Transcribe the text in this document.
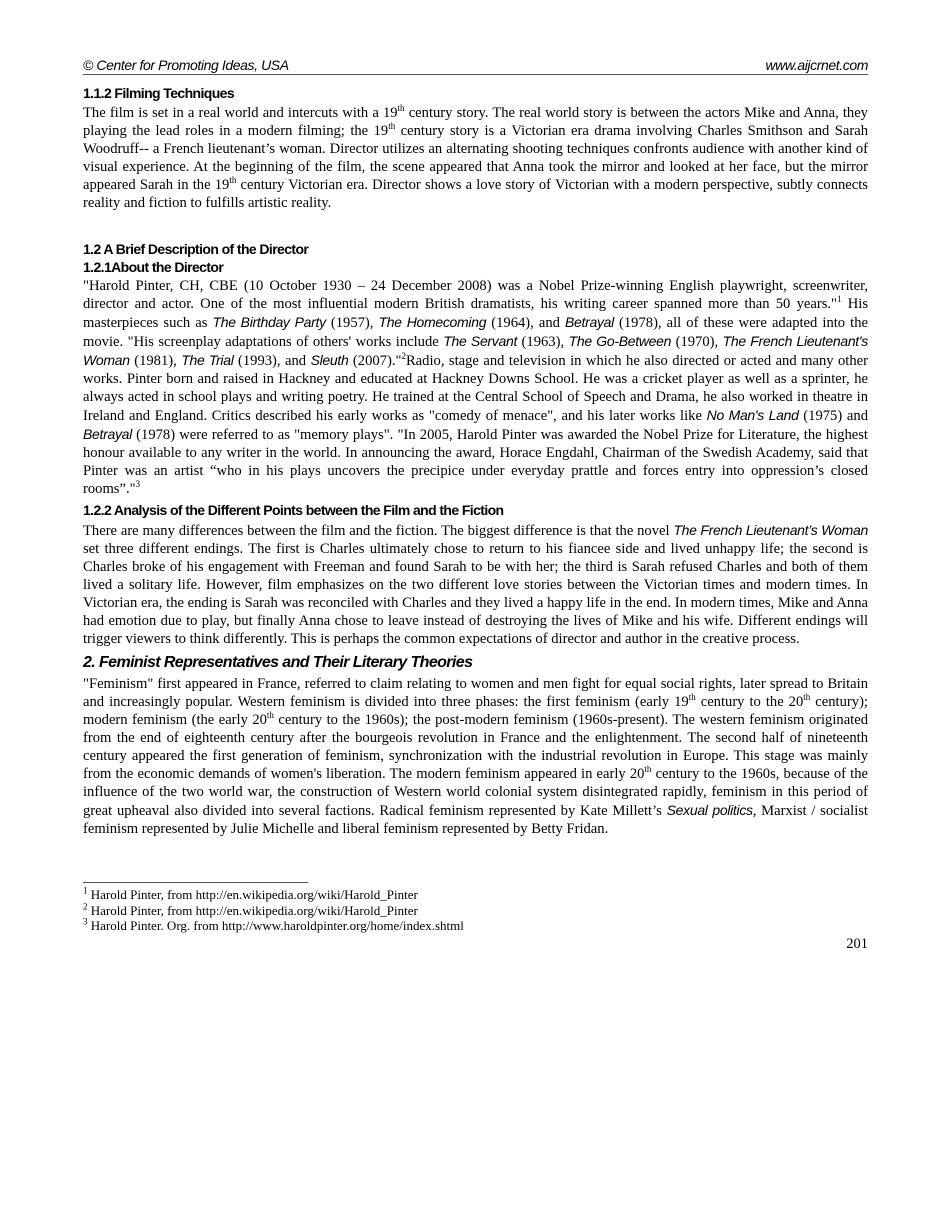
© Center for Promoting Ideas, USA	www.aijcrnet.com
1.1.2 Filming Techniques

The film is set in a real world and intercuts with a 19th century story. The real world story is between the actors Mike and Anna, they playing the lead roles in a modern filming; the 19th century story is a Victorian era drama involving Charles Smithson and Sarah Woodruff-- a French lieutenant’s woman. Director utilizes an alternating shooting techniques confronts audience with another kind of visual experience. At the beginning of the film, the scene appeared that Anna took the mirror and looked at her face, but the mirror appeared Sarah in the 19th century Victorian era. Director shows a love story of Victorian with a modern perspective, subtly connects reality and fiction to fulfills artistic reality.

1.2 A Brief Description of the Director
1.2.1About the Director

"Harold Pinter, CH, CBE (10 October 1930 – 24 December 2008) was a Nobel Prize-winning English playwright, screenwriter, director and actor. One of the most influential modern British dramatists, his writing career spanned more than 50 years."$^1$ His masterpieces such as The Birthday Party (1957), The Homecoming (1964), and Betrayal (1978), all of these were adapted into the movie. "His screenplay adaptations of others' works include The Servant (1963), The Go-Between (1970), The French Lieutenant's Woman (1981), The Trial (1993), and Sleuth (2007)."$^2$Radio, stage and television in which he also directed or acted and many other works. Pinter born and raised in Hackney and educated at Hackney Downs School. He was a cricket player as well as a sprinter, he always acted in school plays and writing poetry. He trained at the Central School of Speech and Drama, he also worked in theatre in Ireland and England. Critics described his early works as "comedy of menace", and his later works like No Man's Land (1975) and Betrayal (1978) were referred to as "memory plays". "In 2005, Harold Pinter was awarded the Nobel Prize for Literature, the highest honour available to any writer in the world. In announcing the award, Horace Engdahl, Chairman of the Swedish Academy, said that Pinter was an artist “who in his plays uncovers the precipice under everyday prattle and forces entry into oppression’s closed rooms”."$^3$

1.2.2 Analysis of the Different Points between the Film and the Fiction

There are many differences between the film and the fiction. The biggest difference is that the novel The French Lieutenant’s Woman set three different endings. The first is Charles ultimately chose to return to his fiancee side and lived unhappy life; the second is Charles broke of his engagement with Freeman and found Sarah to be with her; the third is Sarah refused Charles and both of them lived a solitary life. However, film emphasizes on the two different love stories between the Victorian times and modern times. In Victorian era, the ending is Sarah was reconciled with Charles and they lived a happy life in the end. In modern times, Mike and Anna had emotion due to play, but finally Anna chose to leave instead of destroying the lives of Mike and his wife. Different endings will trigger viewers to think differently. This is perhaps the common expectations of director and author in the creative process.

2. Feminist Representatives and Their Literary Theories

"Feminism" first appeared in France, referred to claim relating to women and men fight for equal social rights, later spread to Britain and increasingly popular. Western feminism is divided into three phases: the first feminism (early 19th century to the 20th century); modern feminism (the early 20th century to the 1960s); the post-modern feminism (1960s-present). The western feminism originated from the end of eighteenth century after the bourgeois revolution in France and the enlightenment. The second half of nineteenth century appeared the first generation of feminism, synchronization with the industrial revolution in Europe. This stage was mainly from the economic demands of women's liberation. The modern feminism appeared in early 20th century to the 1960s, because of the influence of the two world war, the construction of Western world colonial system disintegrated rapidly, feminism in this period of great upheaval also divided into several factions. Radical feminism represented by Kate Millett’s Sexual politics, Marxist / socialist feminism represented by Julie Michelle and liberal feminism represented by Betty Fridan.

$^1$ Harold Pinter, from http://en.wikipedia.org/wiki/Harold_Pinter
$^2$ Harold Pinter, from http://en.wikipedia.org/wiki/Harold_Pinter
$^3$ Harold Pinter. Org. from http://www.haroldpinter.org/home/index.shtml
201
